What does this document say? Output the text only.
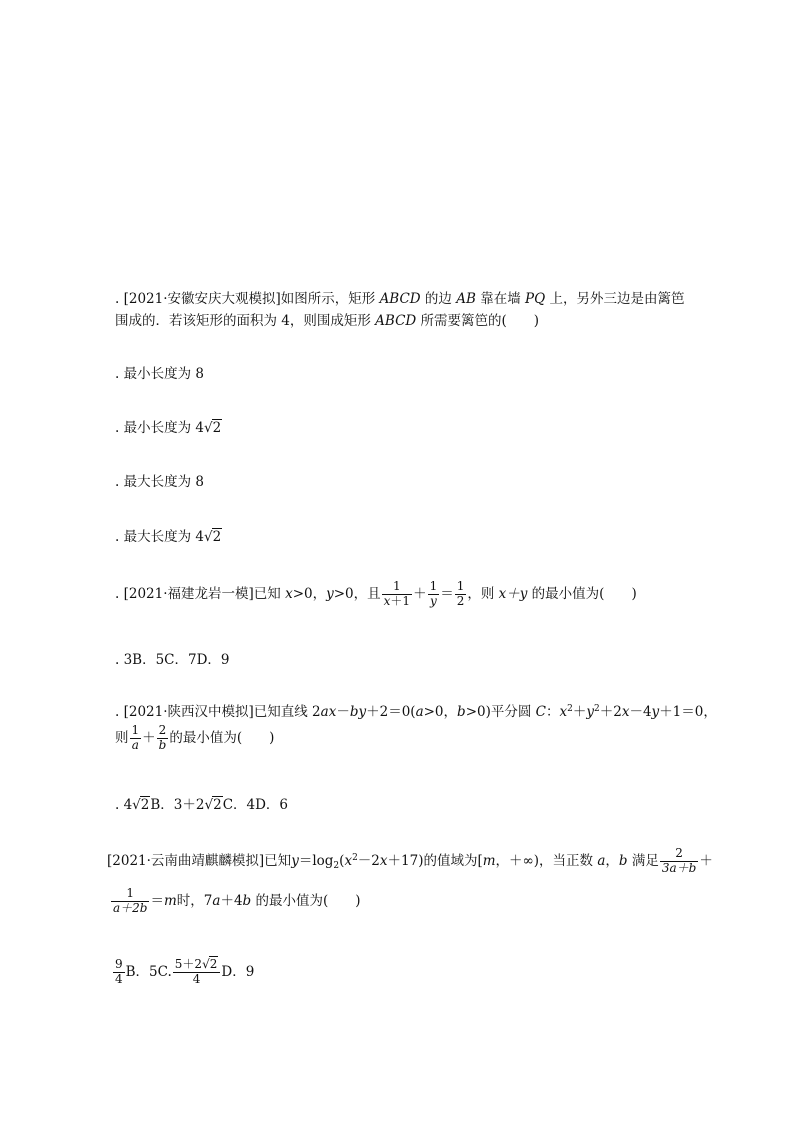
. [2021·安徽安庆大观模拟]如图所示，矩形 ABCD 的边 AB 靠在墙 PQ 上，另外三边是由篱笆
围成的．若该矩形的面积为 4，则围成矩形 ABCD 所需要篱笆的(　　)
. 最小长度为 8
. 最小长度为 4√2
. 最大长度为 8
. 最大长度为 4√2
. [2021·福建龙岩一模]已知 x>0，y>0，且 $\frac{1}{x+1} + \frac{1}{y} = \frac{1}{2}$ ，则 x＋y 的最小值为(　　)
. 3B．5C．7D．9
. [2021·陕西汉中模拟]已知直线 2ax－by＋2＝0(a>0，b>0)平分圆 C：$x^2+y^2+2x-4y+1=0$，
则 $\frac{1}{a} + \frac{2}{b}$ 的最小值为(　　)
. 4√2B．3＋2√2C．4D．6
[2021·云南曲靖麒麟模拟]已知$y=\log_2(x^2-2x+17)$的值域为[m，＋∞)，当正数 a，b 满足 $\frac{2}{3a+b}$ ＋
$\frac{1}{a+2b} =m$时，7a＋4b 的最小值为(　　)
$\frac{9}{4}$ B．5C. $\frac{5+2√2}{4}$ D．9
